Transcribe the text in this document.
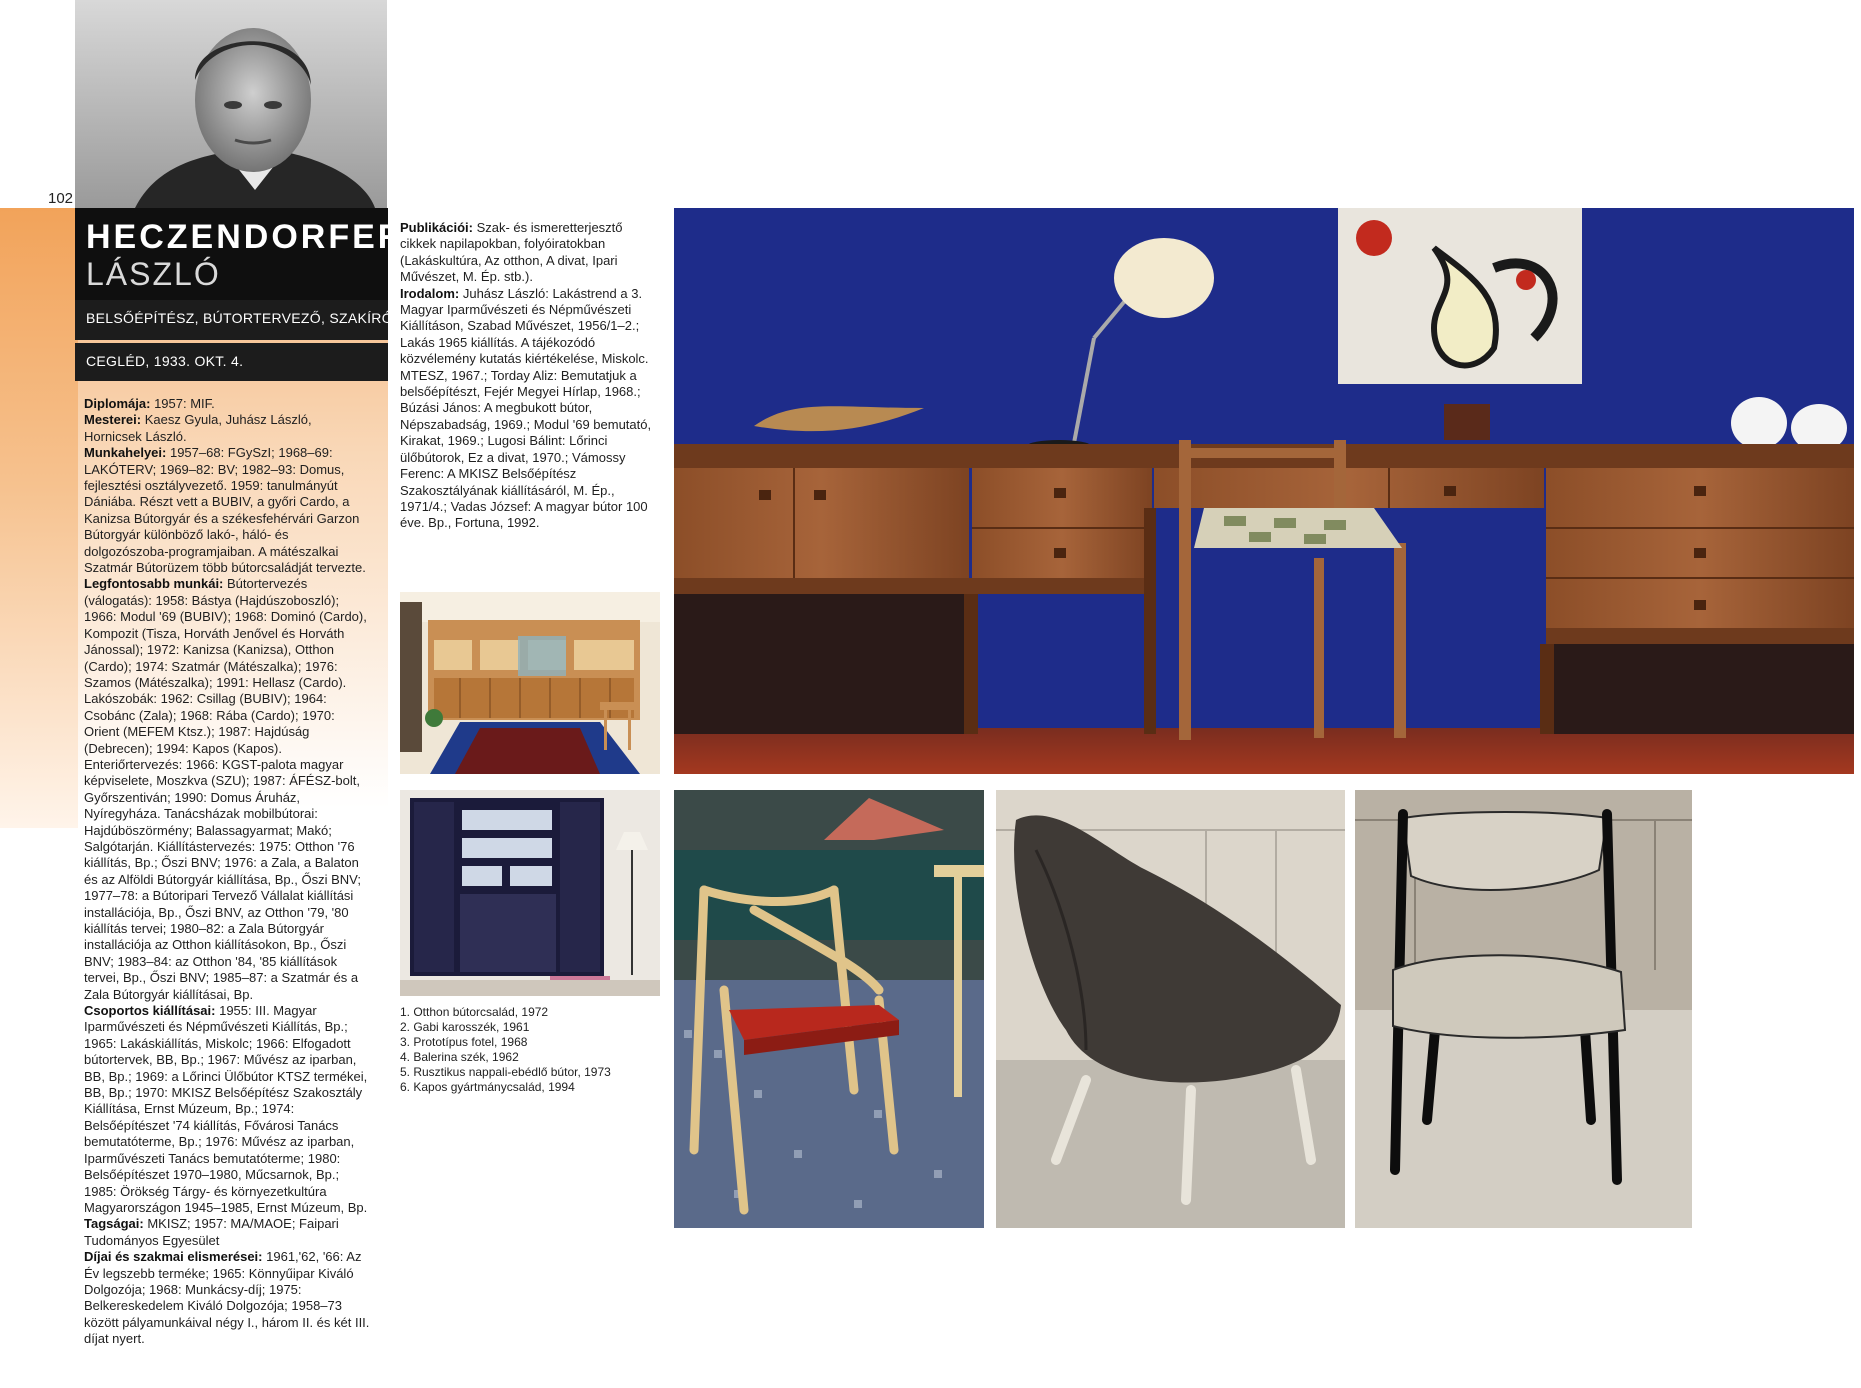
102
HECZENDORFER
LÁSZLÓ
BELSŐÉPÍTÉSZ, BÚTORTERVEZŐ, SZAKÍRÓ
CEGLÉD, 1933. OKT. 4.

Diplomája: 1957: MIF.

Mesterei: Kaesz Gyula, Juhász László, Hornicsek László.

Munkahelyei: 1957–68: FGySzI; 1968–69: LAKÓTERV; 1969–82: BV; 1982–93: Domus, fejlesztési osztályvezető. 1959: tanulmányút Dániába. Részt vett a BUBIV, a győri Cardo, a Kanizsa Bútorgyár és a székesfehérvári Garzon Bútorgyár különböző lakó-, háló- és dolgozószoba-programjaiban. A mátészalkai Szatmár Bútorüzem több bútorcsaládját tervezte.

Legfontosabb munkái: Bútortervezés (válogatás): 1958: Bástya (Hajdúszoboszló); 1966: Modul '69 (BUBIV); 1968: Dominó (Cardo), Kompozit (Tisza, Horváth Jenővel és Horváth Jánossal); 1972: Kanizsa (Kanizsa), Otthon (Cardo); 1974: Szatmár (Mátészalka); 1976: Szamos (Mátészalka); 1991: Hellasz (Cardo). Lakószobák: 1962: Csillag (BUBIV); 1964: Csobánc (Zala); 1968: Rába (Cardo); 1970: Orient (MEFEM Ktsz.); 1987: Hajdúság (Debrecen); 1994: Kapos (Kapos). Enteriőrtervezés: 1966: KGST-palota magyar képviselete, Moszkva (SZU); 1987: ÁFÉSZ-bolt, Győrszentiván; 1990: Domus Áruház, Nyíregyháza. Tanácsházak mobilbútorai: Hajdúböszörmény; Balassagyarmat; Makó; Salgótarján. Kiállítástervezés: 1975: Otthon '76 kiállítás, Bp.; Őszi BNV; 1976: a Zala, a Balaton és az Alföldi Bútorgyár kiállítása, Bp., Őszi BNV; 1977–78: a Bútoripari Tervező Vállalat kiállítási installációja, Bp., Őszi BNV, az Otthon '79, '80 kiállítás tervei; 1980–82: a Zala Bútorgyár installációja az Otthon kiállításokon, Bp., Őszi BNV; 1983–84: az Otthon '84, '85 kiállítások tervei, Bp., Őszi BNV; 1985–87: a Szatmár és a Zala Bútorgyár kiállításai, Bp.

Csoportos kiállításai: 1955: III. Magyar Iparművészeti és Népművészeti Kiállítás, Bp.; 1965: Lakáskiállítás, Miskolc; 1966: Elfogadott bútortervek, BB, Bp.; 1967: Művész az iparban, BB, Bp.; 1969: a Lőrinci Ülőbútor KTSZ termékei, BB, Bp.; 1970: MKISZ Belsőépítész Szakosztály Kiállítása, Ernst Múzeum, Bp.; 1974: Belsőépítészet '74 kiállítás, Fővárosi Tanács bemutatóterme, Bp.; 1976: Művész az iparban, Iparművészeti Tanács bemutatóterme; 1980: Belsőépítészet 1970–1980, Műcsarnok, Bp.; 1985: Örökség Tárgy- és környezetkultúra Magyarországon 1945–1985, Ernst Múzeum, Bp.

Tagságai: MKISZ; 1957: MA/MAOE; Faipari Tudományos Egyesület

Díjai és szakmai elismerései: 1961,'62, '66: Az Év legszebb terméke; 1965: Könnyűipar Kiváló Dolgozója; 1968: Munkácsy-díj; 1975: Belkereskedelem Kiváló Dolgozója; 1958–73 között pályamunkáival négy I., három II. és két III. díjat nyert.

Publikációi: Szak- és ismeretterjesztő cikkek napilapokban, folyóiratokban (Lakáskultúra, Az otthon, A divat, Ipari Művészet, M. Ép. stb.).

Irodalom: Juhász László: Lakástrend a 3. Magyar Iparművészeti és Népművészeti Kiállításon, Szabad Művészet, 1956/1–2.; Lakás 1965 kiállítás. A tájékozódó közvélemény kutatás kiértékelése, Miskolc. MTESZ, 1967.; Torday Aliz: Bemutatjuk a belsőépítészt, Fejér Megyei Hírlap, 1968.; Búzási János: A megbukott bútor, Népszabadság, 1969.; Modul '69 bemutató, Kirakat, 1969.; Lugosi Bálint: Lőrinci ülőbútorok, Ez a divat, 1970.; Vámossy Ferenc: A MKISZ Belsőépítész Szakosztályának kiállításáról, M. Ép., 1971/4.; Vadas József: A magyar bútor 100 éve. Bp., Fortuna, 1992.

1. Otthon bútorcsalád, 1972
2. Gabi karosszék, 1961
3. Prototípus fotel, 1968
4. Balerina szék, 1962
5. Rusztikus nappali-ebédlő bútor, 1973
6. Kapos gyártmánycsalád, 1994
